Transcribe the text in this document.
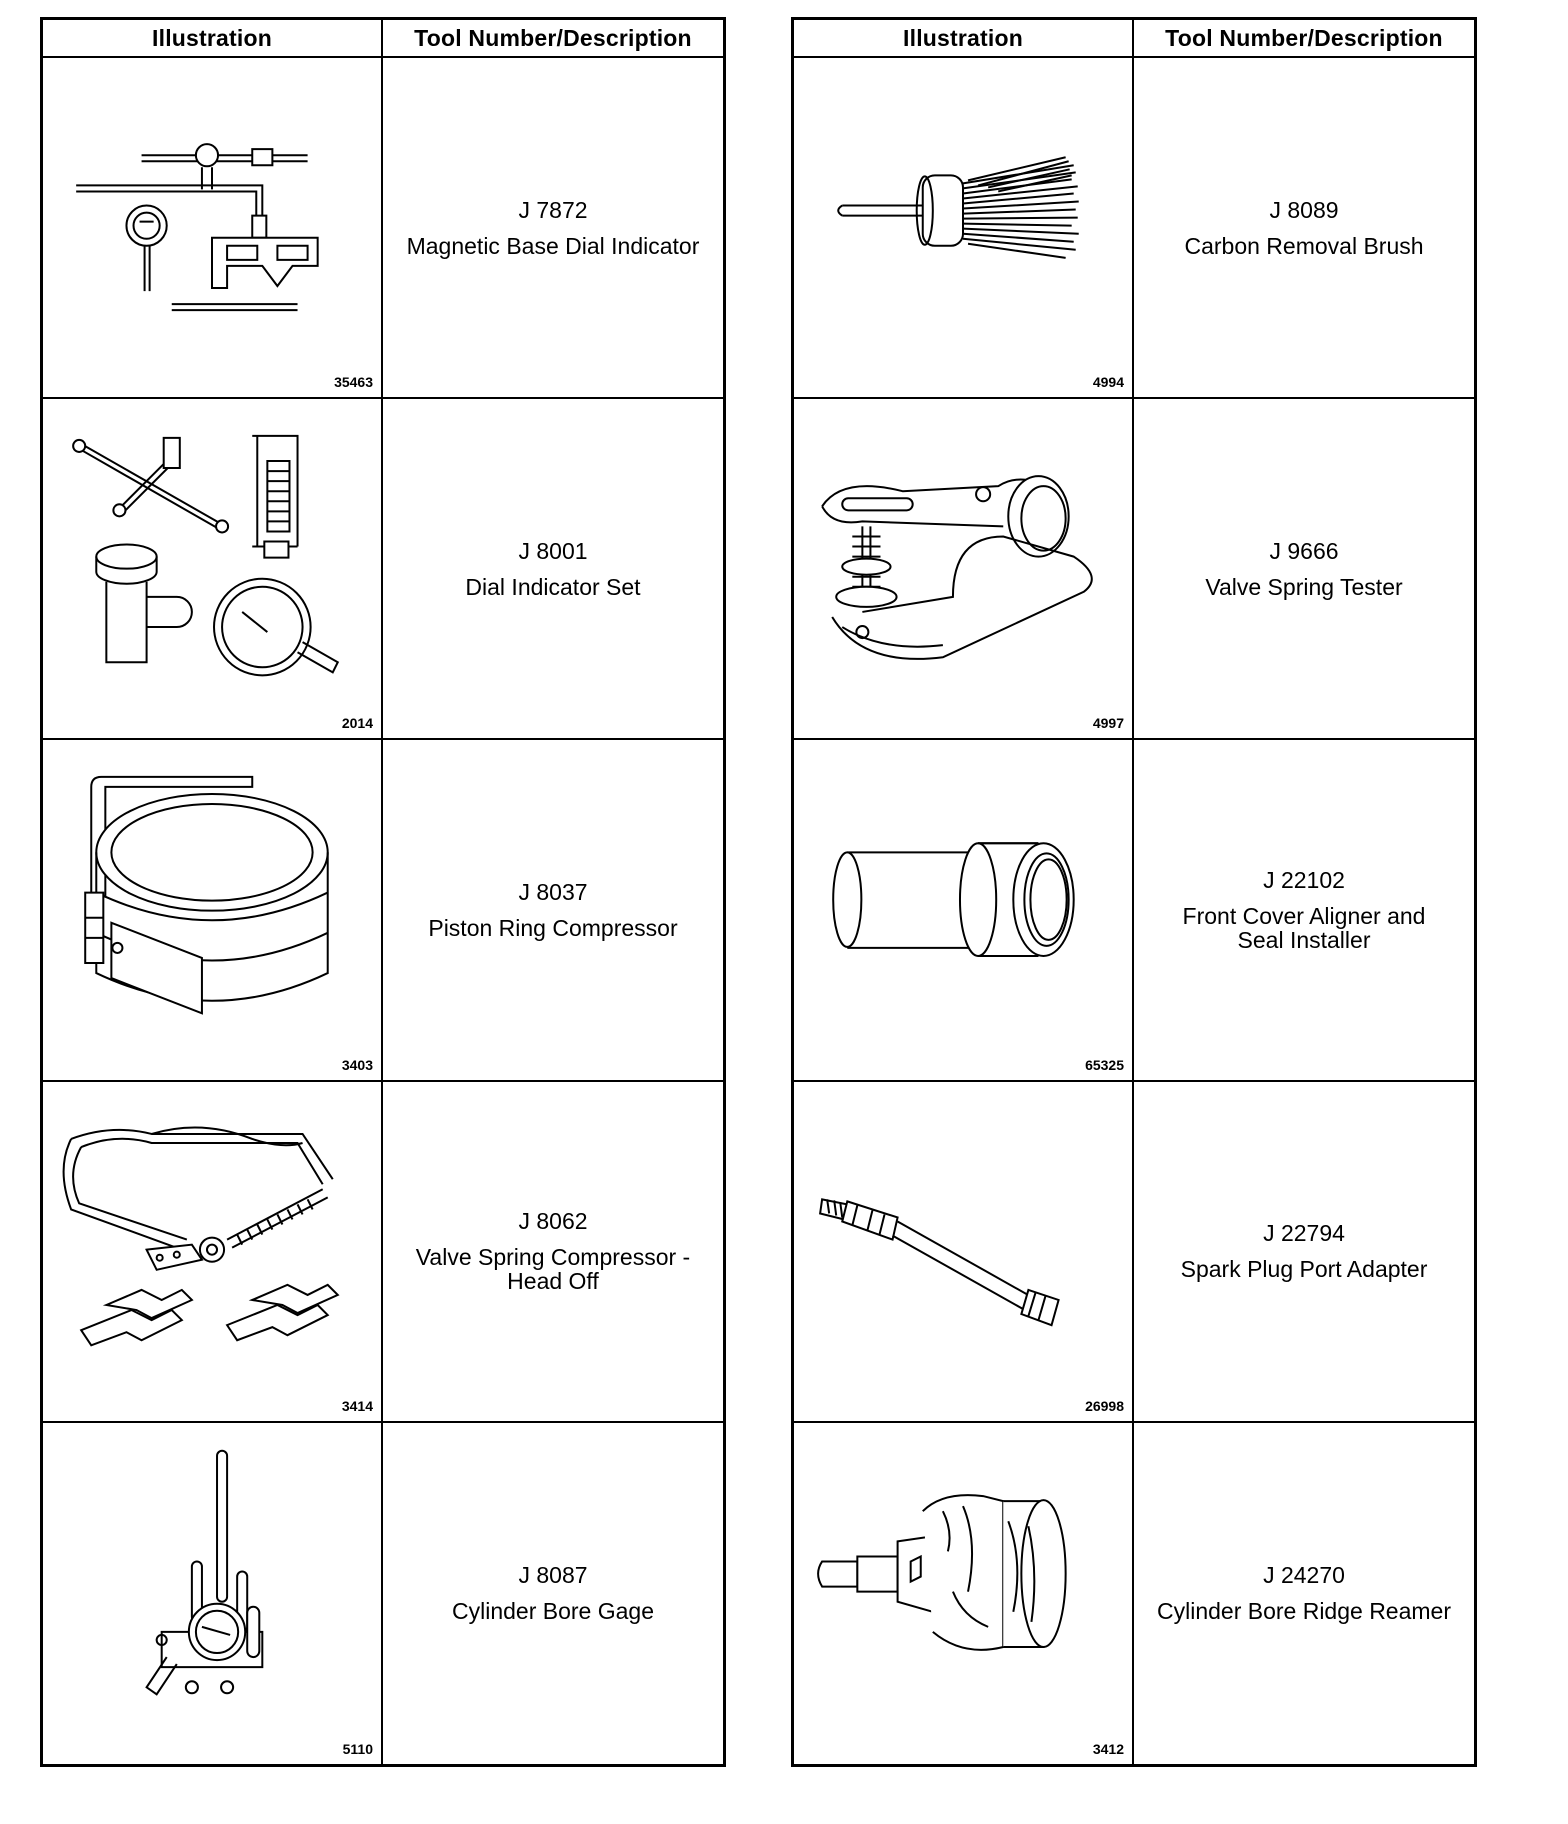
Illustration	Tool Number/Description
35463
J 7872
Magnetic Base Dial Indicator
2014
J 8001
Dial Indicator Set
3403
J 8037
Piston Ring Compressor
3414
J 8062
Valve Spring Compressor -
Head Off
5110
J 8087
Cylinder Bore Gage
Illustration	Tool Number/Description
4994
J 8089
Carbon Removal Brush
4997
J 9666
Valve Spring Tester
65325
J 22102
Front Cover Aligner and
Seal Installer
26998
J 22794
Spark Plug Port Adapter
3412
J 24270
Cylinder Bore Ridge Reamer
